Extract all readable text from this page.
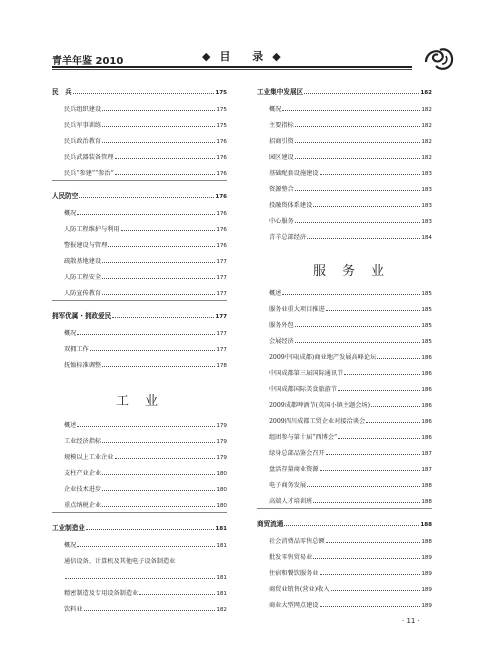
青羊年鉴 2010	◆目 录◆
民　兵	175
民兵组织建设	175
民兵军事训练	175
民兵政治教育	176
民兵武器装备管理	176
民兵“参建”“参治”	176
人民防空	176
概况	176
人防工程维护与利用	176
警报建设与管理	176
疏散基地建设	177
人防工程安全	177
人防宣传教育	177
拥军优属・拥政爱民	177
概况	177
双拥工作	177
抚恤标准调整	178
工业
概述	179
工业经济指标	179
规模以上工业企业	179
支柱产业企业	180
企业技术进步	180
重点纳税企业	180
工业制造业	181
概况	181
通信设备、计算机及其他电子设备制造业
181
精密制造及专用设备制造业	181
饮料业	182
工业集中发展区	182
概况	182
主要指标	182
招商引资	182
园区建设	182
基础配套设施建设	183
资源整合	183
投融资体系建设	183
中心服务	183
青羊总部经济	184
服务业
概述	185
服务业重大项目推进	185
服务外包	185
会展经济	185
2009中国(成都)商业地产发展高峰论坛	186
中国成都第三届国际通讯节	186
中国成都国际美食旅游节	186
2009成都啤酒节(英国小镇主题会场)	186
2009四川成都工贸企业对接洽谈会	186
组团参与第十届“西博会”	186
绿身总部品鉴会召开	187
盘活存量商业资源	187
电子商务发展	188
高端人才培训班	188
商贸流通	188
社会消费品零售总额	188
批发零售贸易业	189
住宿和餐饮服务业	189
商贸业销售(营业)收入	189
商业大型网点建设	189
· 11 ·
